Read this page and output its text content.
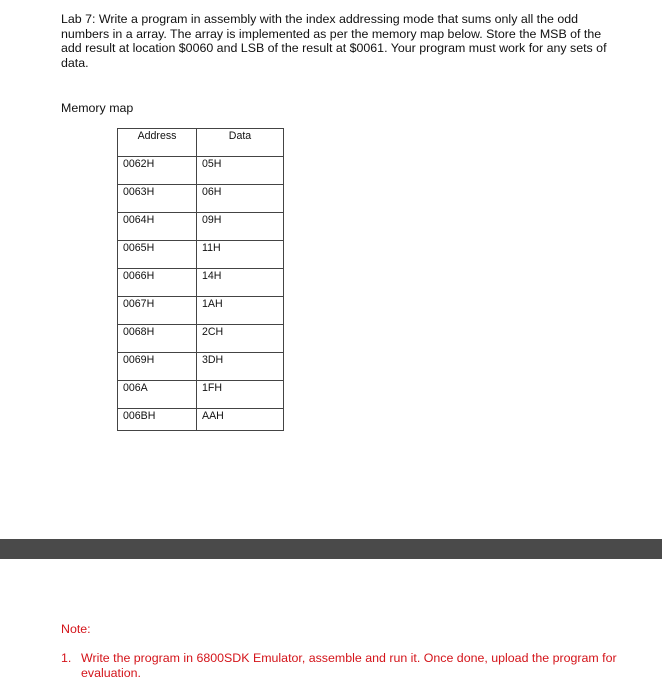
Lab 7: Write a program in assembly with the index addressing mode that sums only all the odd numbers in a array. The array is implemented as per the memory map below. Store the MSB of the add result at location $0060 and LSB of the result at $0061. Your program must work for any sets of data.

Memory map

Address	Data
0062H	05H
0063H	06H
0064H	09H
0065H	11H
0066H	14H
0067H	1AH
0068H	2CH
0069H	3DH
006A	1FH
006BH	AAH

Note:

1. Write the program in 6800SDK Emulator, assemble and run it. Once done, upload the program for evaluation.
